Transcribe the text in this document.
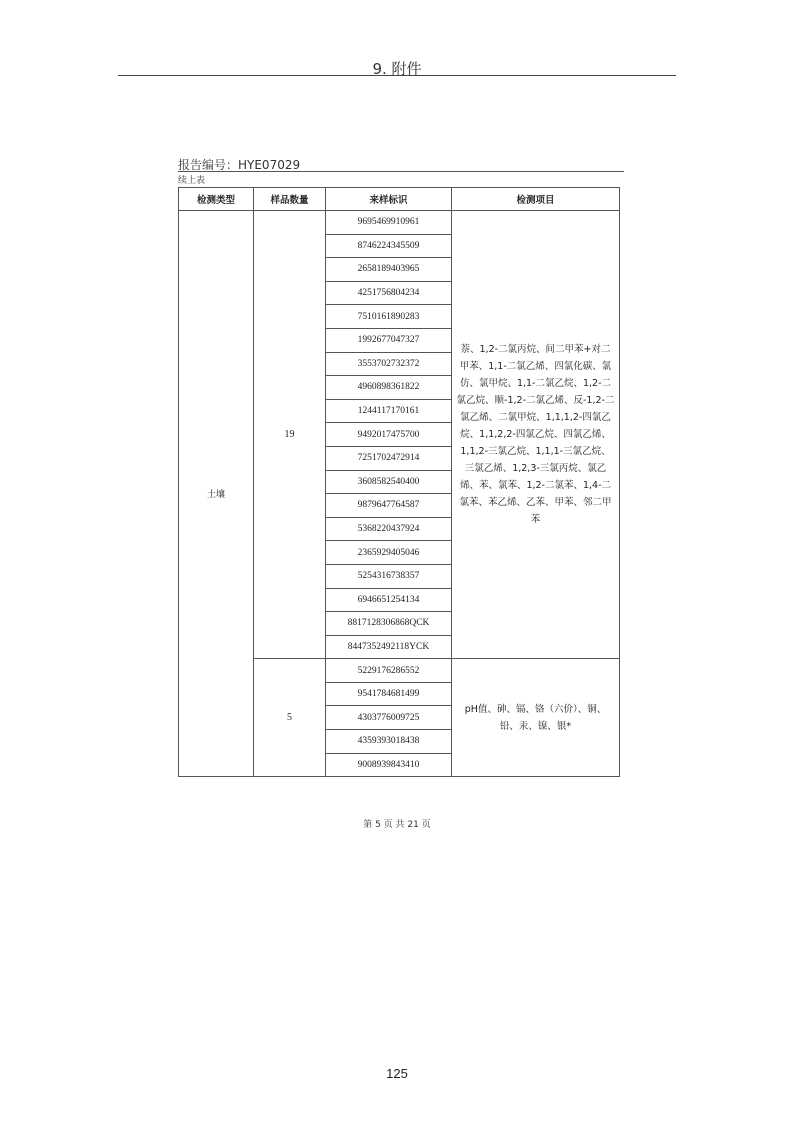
9. 附件
报告编号：HYE07029
续上表
检测类型	样品数量	来样标识	检测项目
土壤	19	9695469910961	萘、1,2-二氯丙烷、间二甲苯+对二甲苯、1,1-二氯乙烯、四氯化碳、氯仿、氯甲烷、1,1-二氯乙烷、1,2-二氯乙烷、顺-1,2-二氯乙烯、反-1,2-二氯乙烯、二氯甲烷、1,1,1,2-四氯乙烷、1,1,2,2-四氯乙烷、四氯乙烯、1,1,2-三氯乙烷、1,1,1-三氯乙烷、三氯乙烯、1,2,3-三氯丙烷、氯乙烯、苯、氯苯、1,2-二氯苯、1,4-二氯苯、苯乙烯、乙苯、甲苯、邻二甲苯
		8746224345509	
		2658189403965	
		4251756804234	
		7510161890283	
		1992677047327	
		3553702732372	
		4960898361822	
		1244117170161	
		9492017475700	
		7251702472914	
		3608582540400	
		9879647764587	
		5368220437924	
		2365929405046	
		5254316738357	
		6946651254134	
		8817128306868QCK	
		8447352492118YCK	
	5	5229176286552	pH值、砷、镉、铬（六价）、铜、铅、汞、镍、银*
		9541784681499	
		4303776009725	
		4359393018438	
		9008939843410	
第 5 页 共 21 页
125
